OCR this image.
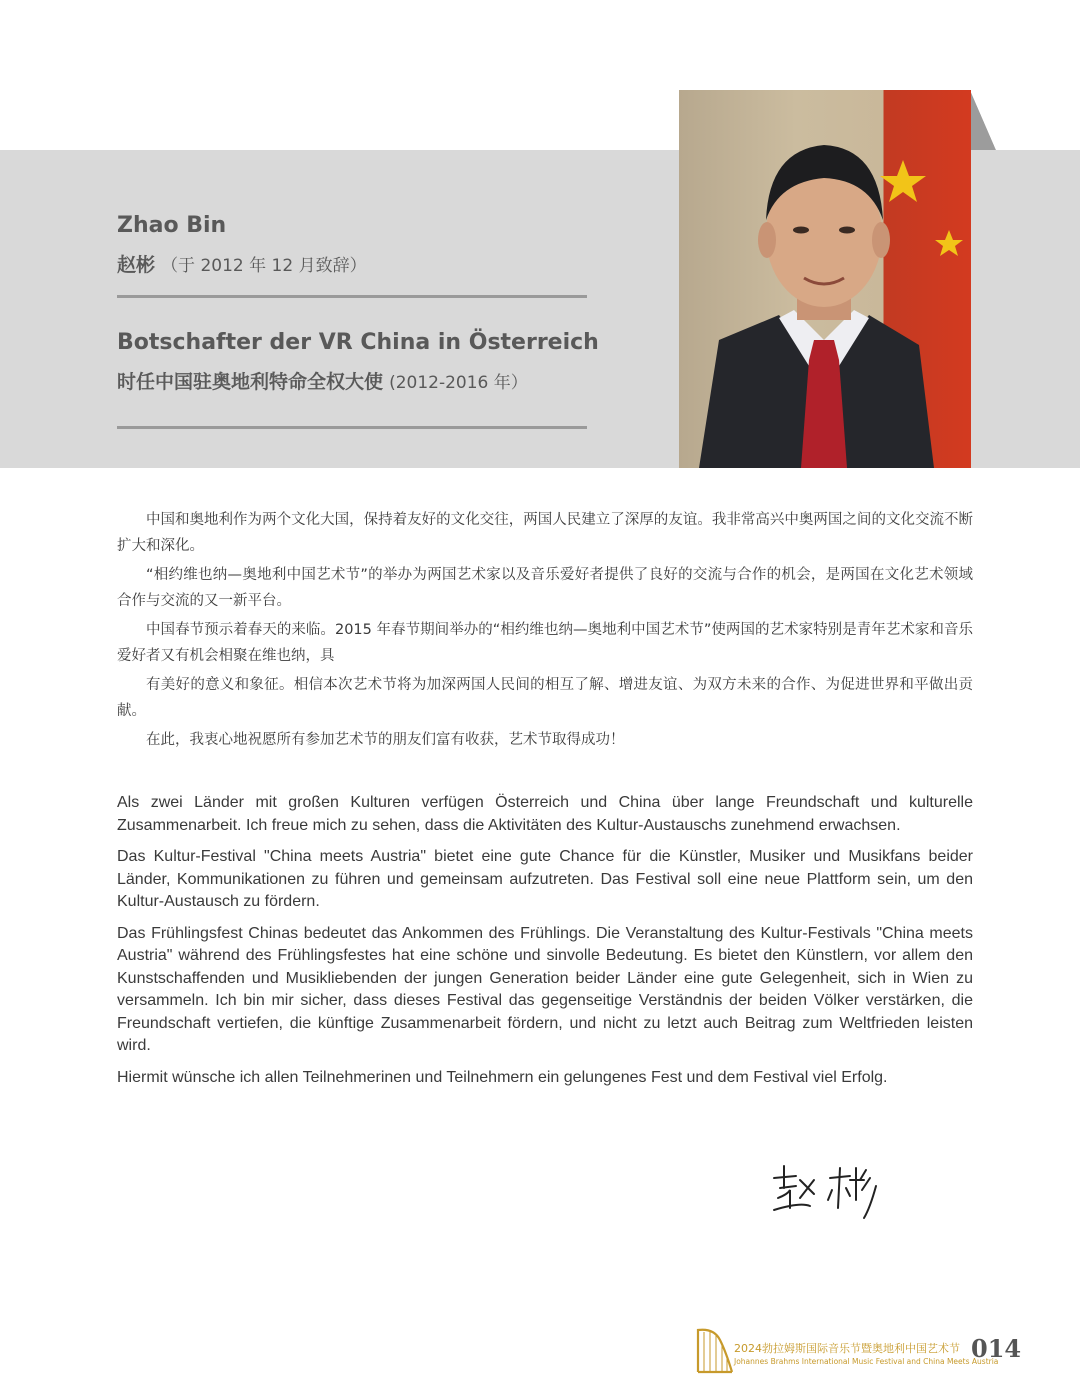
Zhao Bin
赵彬 （于 2012 年 12 月致辞）
Botschafter der VR China in Österreich
时任中国驻奥地利特命全权大使 (2012-2016 年）

中国和奥地利作为两个文化大国，保持着友好的文化交往，两国人民建立了深厚的友谊。我非常高兴中奥两国之间的文化交流不断扩大和深化。

“相约维也纳—奥地利中国艺术节”的举办为两国艺术家以及音乐爱好者提供了良好的交流与合作的机会，是两国在文化艺术领域合作与交流的又一新平台。

中国春节预示着春天的来临。2015 年春节期间举办的“相约维也纳—奥地利中国艺术节”使两国的艺术家特别是青年艺术家和音乐爱好者又有机会相聚在维也纳，具

有美好的意义和象征。相信本次艺术节将为加深两国人民间的相互了解、增进友谊、为双方未来的合作、为促进世界和平做出贡献。

在此，我衷心地祝愿所有参加艺术节的朋友们富有收获，艺术节取得成功！

Als zwei Länder mit großen Kulturen verfügen Österreich und China über lange Freundschaft und kulturelle Zusammenarbeit. Ich freue mich zu sehen, dass die Aktivitäten des Kultur-Austauschs zunehmend erwachsen.

Das Kultur-Festival "China meets Austria" bietet eine gute Chance für die Künstler, Musiker und Musikfans beider Länder, Kommunikationen zu führen und gemeinsam aufzutreten. Das Festival soll eine neue Plattform sein, um den Kultur-Austausch zu fördern.

Das Frühlingsfest Chinas bedeutet das Ankommen des Frühlings. Die Veranstaltung des Kultur-Festivals "China meets Austria" während des Frühlingsfestes hat eine schöne und sinvolle Bedeutung. Es bietet den Künstlern, vor allem den Kunstschaffenden und Musikliebenden der jungen Generation beider Länder eine gute Gelegenheit, sich in Wien zu versammeln. Ich bin mir sicher, dass dieses Festival das gegenseitige Verständnis der beiden Völker verstärken, die Freundschaft vertiefen, die künftige Zusammenarbeit fördern, und nicht zu letzt auch Beitrag zum Weltfrieden leisten wird.

Hiermit wünsche ich allen Teilnehmerinen und Teilnehmern ein gelungenes Fest und dem Festival viel Erfolg.

2024勃拉姆斯国际音乐节暨奥地利中国艺术节
Johannes Brahms International Music Festival and China Meets Austria
014
